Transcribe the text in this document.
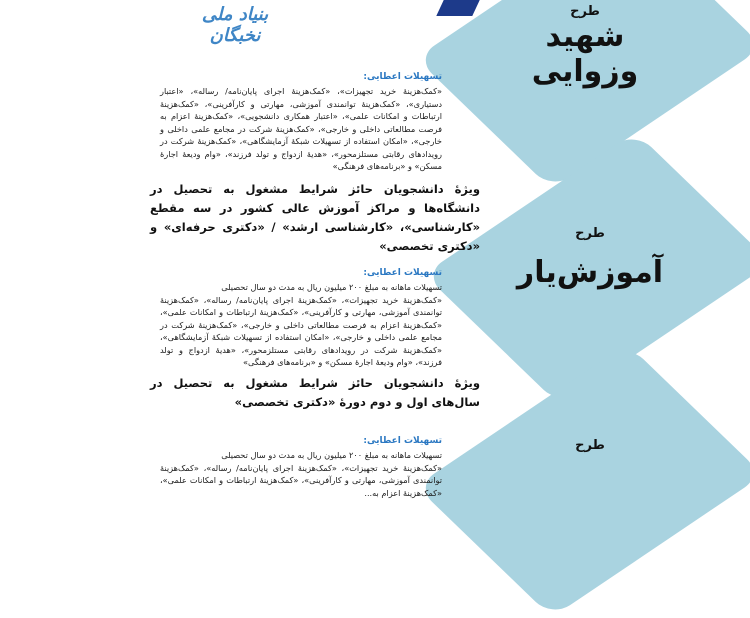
بنیاد ملی نخبگان
طرح
شهید وزوایی
طرح
آموزش‌یار
طرح
تسهیلات اعطایی:

«کمک‌هزینهٔ خرید تجهیزات»، «کمک‌هزینهٔ اجرای پایان‌نامه/ رساله»، «اعتبار دستیاری»، «کمک‌هزینهٔ توانمندی آموزشی، مهارتی و کارآفرینی»، «کمک‌هزینهٔ ارتباطات و امکانات علمی»، «اعتبار همکاری دانشجویی»، «کمک‌هزینهٔ اعزام به فرصت مطالعاتی داخلی و خارجی»، «کمک‌هزینهٔ شرکت در مجامع علمی داخلی و خارجی»، «امکان استفاده از تسهیلات شبکهٔ آزمایشگاهی»، «کمک‌هزینهٔ شرکت در رویدادهای رقابتی مستلزمحور»، «هدیهٔ ازدواج و تولد فرزند»، «وام ودیعهٔ اجارهٔ مسکن» و «برنامه‌های فرهنگی»

ویژهٔ دانشجویان حائز شرایط مشغول به تحصیل در دانشگاه‌ها و مراکز آموزش عالی کشور در سه مقطع «کارشناسی»، «کارشناسی ارشد» / «دکتری حرفه‌ای» و «دکتری تخصصی»
تسهیلات اعطایی:

تسهیلات ماهانه به مبلغ ۲۰۰ میلیون ریال به مدت دو سال تحصیلی

«کمک‌هزینهٔ خرید تجهیزات»، «کمک‌هزینهٔ اجرای پایان‌نامه/ رساله»، «کمک‌هزینهٔ توانمندی آموزشی، مهارتی و کارآفرینی»، «کمک‌هزینهٔ ارتباطات و امکانات علمی»، «کمک‌هزینهٔ اعزام به فرصت مطالعاتی داخلی و خارجی»، «کمک‌هزینهٔ شرکت در مجامع علمی داخلی و خارجی»، «امکان استفاده از تسهیلات شبکهٔ آزمایشگاهی»، «کمک‌هزینهٔ شرکت در رویدادهای رقابتی مستلزمحور»، «هدیهٔ ازدواج و تولد فرزند»، «وام ودیعهٔ اجارهٔ مسکن» و «برنامه‌های فرهنگی»

ویژهٔ دانشجویان حائز شرایط مشغول به تحصیل در سال‌های اول و دوم دورهٔ «دکتری تخصصی»
تسهیلات اعطایی:

تسهیلات ماهانه به مبلغ ۲۰۰ میلیون ریال به مدت دو سال تحصیلی

«کمک‌هزینهٔ خرید تجهیزات»، «کمک‌هزینهٔ اجرای پایان‌نامه/ رساله»، «کمک‌هزینهٔ توانمندی آموزشی، مهارتی و کارآفرینی»، «کمک‌هزینهٔ ارتباطات و امکانات علمی»، «کمک‌هزینهٔ اعزام به...
